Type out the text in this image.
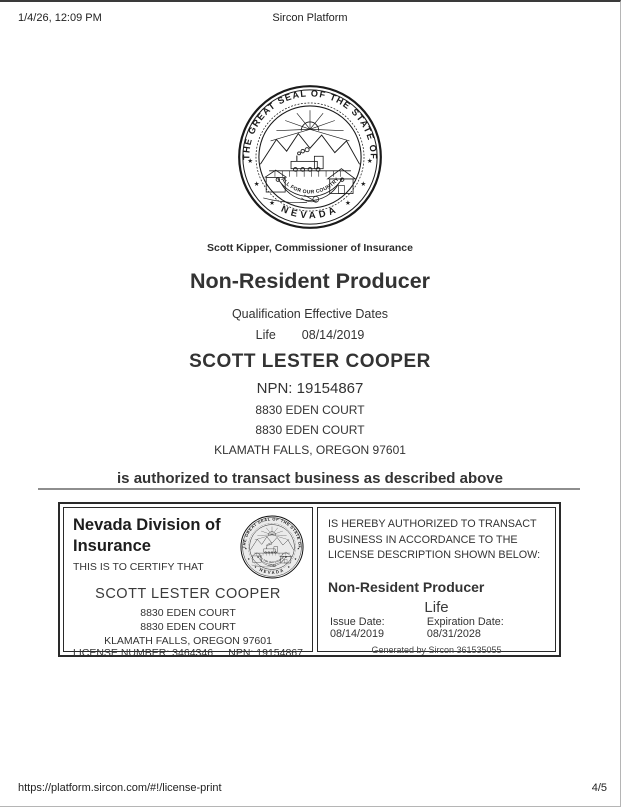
1/4/26, 12:09 PM	Sircon Platform
THE GREAT SEAL OF THE STATE OF
NEVADA
ALL FOR OUR COUNTRY
★
★
★
★
★
★
Scott Kipper, Commissioner of Insurance
Non-Resident Producer
Qualification Effective Dates
Life 08/14/2019
SCOTT LESTER COOPER
NPN: 19154867
8830 EDEN COURT
8830 EDEN COURT
KLAMATH FALLS, OREGON 97601
is authorized to transact business as described above
Nevada Division of Insurance
THIS IS TO CERTIFY THAT
SCOTT LESTER COOPER
8830 EDEN COURT
8830 EDEN COURT
KLAMATH FALLS, OREGON 97601
LICENSE NUMBER: 3464346 NPN: 19154867
IS HEREBY AUTHORIZED TO TRANSACT BUSINESS IN ACCORDANCE TO THE LICENSE DESCRIPTION SHOWN BELOW:
Non-Resident Producer
Life
Issue Date: 08/14/2019
Expiration Date: 08/31/2028
Generated by Sircon 361535055
https://platform.sircon.com/#!/license-print	4/5
